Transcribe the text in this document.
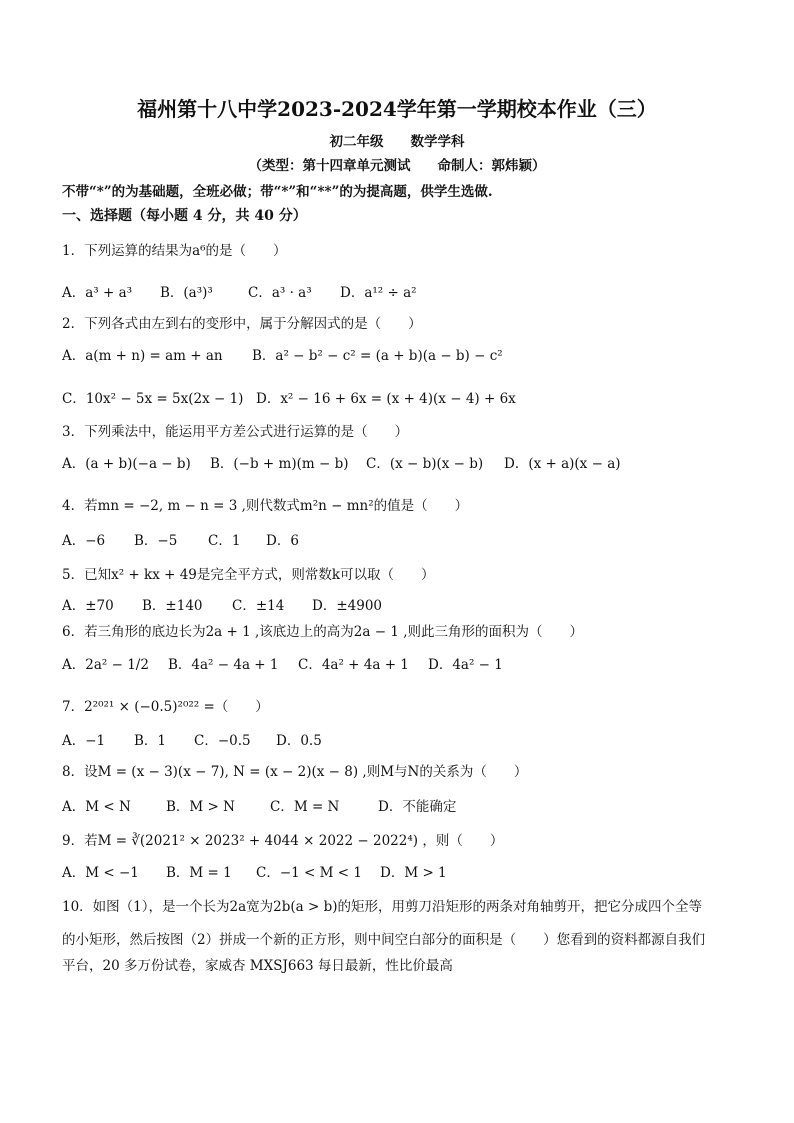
福州第十八中学2023-2024学年第一学期校本作业（三）
初二年级　　数学学科
（类型：第十四章单元测试　　命制人：郭炜颖）
不带“*”的为基础题，全班必做；带“*”和“**”的为提高题，供学生选做.
一、选择题（每小题 4 分，共 40 分）
1．下列运算的结果为a⁶的是（　　）
A．a³ + a³ B．(a³)³	C．a³ · a³ D．a¹² ÷ a²
2．下列各式由左到右的变形中，属于分解因式的是（　　）
A．a(m + n) = am + an B．a² − b² − c² = (a + b)(a − b) − c²
C．10x² − 5x = 5x(2x − 1) D．x² − 16 + 6x = (x + 4)(x − 4) + 6x
3．下列乘法中，能运用平方差公式进行运算的是（　　）
A．(a + b)(−a − b) B．(−b + m)(m − b) C．(x − b)(x − b) D．(x + a)(x − a)
4．若mn = −2, m − n = 3 ,则代数式m²n − mn²的值是（　　）
A．−6 B．−5 C．1 D．6
5．已知x² + kx + 49是完全平方式，则常数k可以取（　　）
A．±70 B．±140 C．±14 D．±4900
6．若三角形的底边长为2a + 1 ,该底边上的高为2a − 1 ,则此三角形的面积为（　　）
A．2a² − 1/2 B．4a² − 4a + 1 C．4a² + 4a + 1 D．4a² − 1
7．2²⁰²¹ × (−0.5)²⁰²² =（　　）
A．−1 B．1 C．−0.5 D．0.5
8．设M = (x − 3)(x − 7), N = (x − 2)(x − 8) ,则M与N的关系为（　　）
A．M < N	B．M > N	C．M = N	D．不能确定
9．若M = ∛(2021² × 2023² + 4044 × 2022 − 2022⁴) ，则（　　）
A．M < −1 B．M = 1 C．−1 < M < 1 D．M > 1
10．如图（1），是一个长为2a宽为2b(a > b)的矩形，用剪刀沿矩形的两条对角轴剪开，把它分成四个全等
的小矩形，然后按图（2）拼成一个新的正方形，则中间空白部分的面积是（　　）您看到的资料都源自我们
平台，20 多万份试卷，家威杏 MXSJ663 每日最新，性比价最高
